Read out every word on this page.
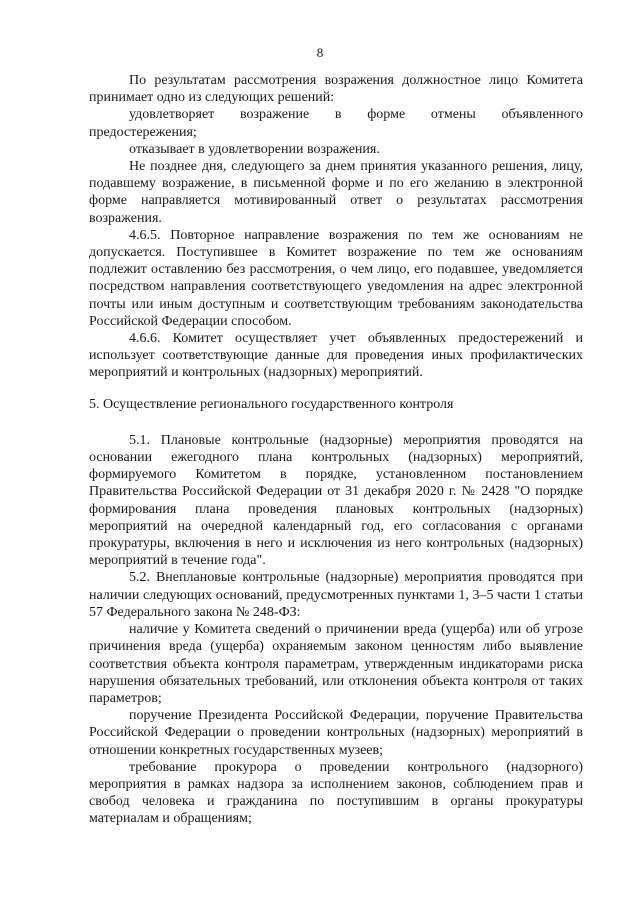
8

По результатам рассмотрения возражения должностное лицо Комитета принимает одно из следующих решений:

удовлетворяет возражение в форме отмены объявленного предостережения;

отказывает в удовлетворении возражения.

Не позднее дня, следующего за днем принятия указанного решения, лицу, подавшему возражение, в письменной форме и по его желанию в электронной форме направляется мотивированный ответ о результатах рассмотрения возражения.

4.6.5. Повторное направление возражения по тем же основаниям не допускается. Поступившее в Комитет возражение по тем же основаниям подлежит оставлению без рассмотрения, о чем лицо, его подавшее, уведомляется посредством направления соответствующего уведомления на адрес электронной почты или иным доступным и соответствующим требованиям законодательства Российской Федерации способом.

4.6.6. Комитет осуществляет учет объявленных предостережений и использует соответствующие данные для проведения иных профилактических мероприятий и контрольных (надзорных) мероприятий.

5. Осуществление регионального государственного контроля

5.1. Плановые контрольные (надзорные) мероприятия проводятся на основании ежегодного плана контрольных (надзорных) мероприятий, формируемого Комитетом в порядке, установленном постановлением Правительства Российской Федерации от 31 декабря 2020 г. № 2428 "О порядке формирования плана проведения плановых контрольных (надзорных) мероприятий на очередной календарный год, его согласования с органами прокуратуры, включения в него и исключения из него контрольных (надзорных) мероприятий в течение года".

5.2. Внеплановые контрольные (надзорные) мероприятия проводятся при наличии следующих оснований, предусмотренных пунктами 1, 3–5 части 1 статьи 57 Федерального закона № 248-ФЗ:

наличие у Комитета сведений о причинении вреда (ущерба) или об угрозе причинения вреда (ущерба) охраняемым законом ценностям либо выявление соответствия объекта контроля параметрам, утвержденным индикаторами риска нарушения обязательных требований, или отклонения объекта контроля от таких параметров;

поручение Президента Российской Федерации, поручение Правительства Российской Федерации о проведении контрольных (надзорных) мероприятий в отношении конкретных государственных музеев;

требование прокурора о проведении контрольного (надзорного) мероприятия в рамках надзора за исполнением законов, соблюдением прав и свобод человека и гражданина по поступившим в органы прокуратуры материалам и обращениям;
